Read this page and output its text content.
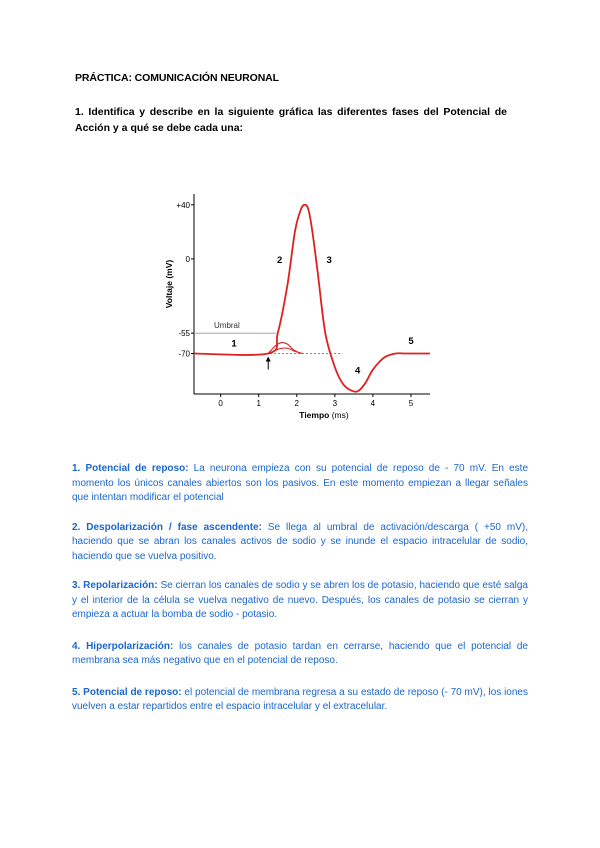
PRÁCTICA: COMUNICACIÓN NEURONAL
1. Identifica y describe en la siguiente gráfica las diferentes fases del Potencial de Acción y a qué se debe cada una:
Umbral
+40
0
-55
-70
0	1	2	3	4	5
Tiempo (ms)
Voltaje (mV)
1
2	3
4
5

1. Potencial de reposo: La neurona empieza con su potencial de reposo de - 70 mV. En este momento los únicos canales abiertos son los pasivos. En este momento empiezan a llegar señales que intentan modificar el potencial

2. Despolarización / fase ascendente: Se llega al umbral de activación/descarga ( +50 mV), haciendo que se abran los canales activos de sodio y se inunde el espacio intracelular de sodio, haciendo que se vuelva positivo.

3. Repolarización: Se cierran los canales de sodio y se abren los de potasio, haciendo que esté salga y el interior de la célula se vuelva negativo de nuevo. Después, los canales de potasio se cierran y empieza a actuar la bomba de sodio - potasio.

4. Hiperpolarización: los canales de potasio tardan en cerrarse, haciendo que el potencial de membrana sea más negativo que en el potencial de reposo.

5. Potencial de reposo: el potencial de membrana regresa a su estado de reposo (- 70 mV), los iones vuelven a estar repartidos entre el espacio intracelular y el extracelular.
